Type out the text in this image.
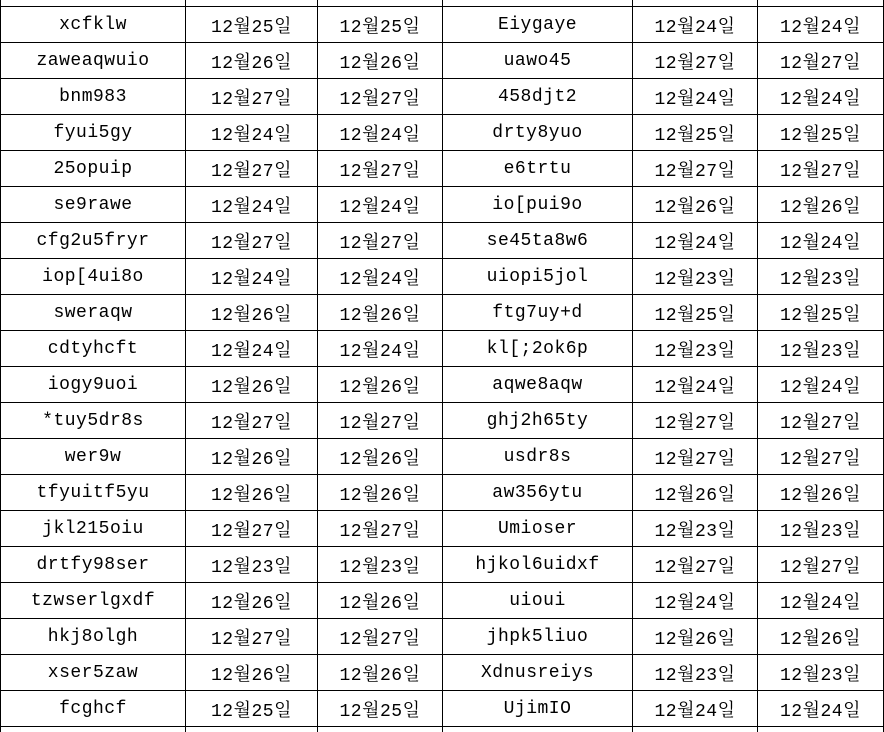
xcfklw	12월25일	12월25일	Eiygaye	12월24일	12월24일
zaweaqwuio	12월26일	12월26일	uawo45	12월27일	12월27일
bnm983	12월27일	12월27일	458djt2	12월24일	12월24일
fyui5gy	12월24일	12월24일	drty8yuo	12월25일	12월25일
25opuip	12월27일	12월27일	e6trtu	12월27일	12월27일
se9rawe	12월24일	12월24일	io[pui9o	12월26일	12월26일
cfg2u5fryr	12월27일	12월27일	se45ta8w6	12월24일	12월24일
iop[4ui8o	12월24일	12월24일	uiopi5jol	12월23일	12월23일
sweraqw	12월26일	12월26일	ftg7uy+d	12월25일	12월25일
cdtyhcft	12월24일	12월24일	kl[;2ok6p	12월23일	12월23일
iogy9uoi	12월26일	12월26일	aqwe8aqw	12월24일	12월24일
*tuy5dr8s	12월27일	12월27일	ghj2h65ty	12월27일	12월27일
wer9w	12월26일	12월26일	usdr8s	12월27일	12월27일
tfyuitf5yu	12월26일	12월26일	aw356ytu	12월26일	12월26일
jkl215oiu	12월27일	12월27일	Umioser	12월23일	12월23일
drtfy98ser	12월23일	12월23일	hjkol6uidxf	12월27일	12월27일
tzwserlgxdf	12월26일	12월26일	uioui	12월24일	12월24일
hkj8olgh	12월27일	12월27일	jhpk5liuo	12월26일	12월26일
xser5zaw	12월26일	12월26일	Xdnusreiys	12월23일	12월23일
fcghcf	12월25일	12월25일	UjimIO	12월24일	12월24일
